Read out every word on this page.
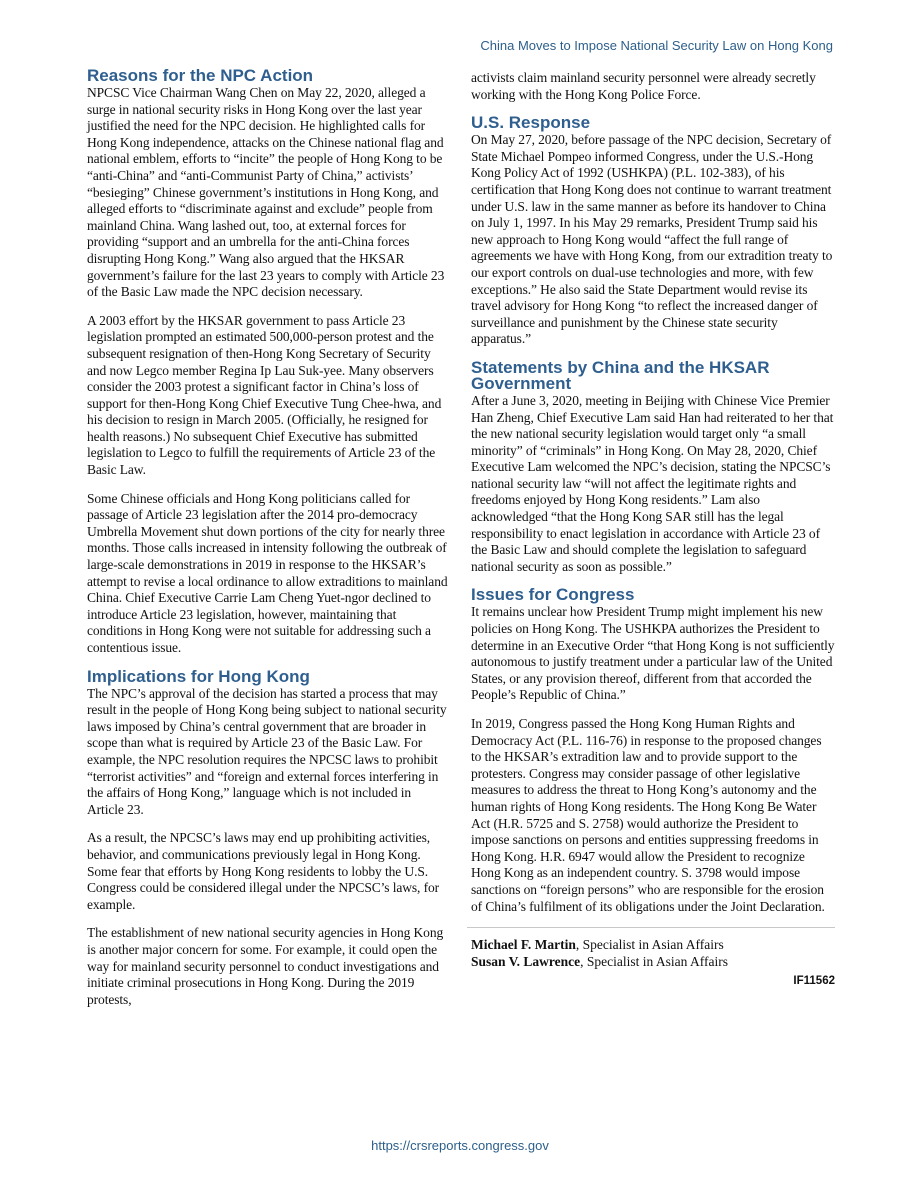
China Moves to Impose National Security Law on Hong Kong
Reasons for the NPC Action

NPCSC Vice Chairman Wang Chen on May 22, 2020, alleged a surge in national security risks in Hong Kong over the last year justified the need for the NPC decision. He highlighted calls for Hong Kong independence, attacks on the Chinese national flag and national emblem, efforts to “incite” the people of Hong Kong to be “anti-China” and “anti-Communist Party of China,” activists’ “besieging” Chinese government’s institutions in Hong Kong, and alleged efforts to “discriminate against and exclude” people from mainland China. Wang lashed out, too, at external forces for providing “support and an umbrella for the anti-China forces disrupting Hong Kong.” Wang also argued that the HKSAR government’s failure for the last 23 years to comply with Article 23 of the Basic Law made the NPC decision necessary.

A 2003 effort by the HKSAR government to pass Article 23 legislation prompted an estimated 500,000-person protest and the subsequent resignation of then-Hong Kong Secretary of Security and now Legco member Regina Ip Lau Suk-yee. Many observers consider the 2003 protest a significant factor in China’s loss of support for then-Hong Kong Chief Executive Tung Chee-hwa, and his decision to resign in March 2005. (Officially, he resigned for health reasons.) No subsequent Chief Executive has submitted legislation to Legco to fulfill the requirements of Article 23 of the Basic Law.

Some Chinese officials and Hong Kong politicians called for passage of Article 23 legislation after the 2014 pro-democracy Umbrella Movement shut down portions of the city for nearly three months. Those calls increased in intensity following the outbreak of large-scale demonstrations in 2019 in response to the HKSAR’s attempt to revise a local ordinance to allow extraditions to mainland China. Chief Executive Carrie Lam Cheng Yuet-ngor declined to introduce Article 23 legislation, however, maintaining that conditions in Hong Kong were not suitable for addressing such a contentious issue.

Implications for Hong Kong

The NPC’s approval of the decision has started a process that may result in the people of Hong Kong being subject to national security laws imposed by China’s central government that are broader in scope than what is required by Article 23 of the Basic Law. For example, the NPC resolution requires the NPCSC laws to prohibit “terrorist activities” and “foreign and external forces interfering in the affairs of Hong Kong,” language which is not included in Article 23.

As a result, the NPCSC’s laws may end up prohibiting activities, behavior, and communications previously legal in Hong Kong. Some fear that efforts by Hong Kong residents to lobby the U.S. Congress could be considered illegal under the NPCSC’s laws, for example.

The establishment of new national security agencies in Hong Kong is another major concern for some. For example, it could open the way for mainland security personnel to conduct investigations and initiate criminal prosecutions in Hong Kong. During the 2019 protests,

activists claim mainland security personnel were already secretly working with the Hong Kong Police Force.

U.S. Response

On May 27, 2020, before passage of the NPC decision, Secretary of State Michael Pompeo informed Congress, under the U.S.-Hong Kong Policy Act of 1992 (USHKPA) (P.L. 102-383), of his certification that Hong Kong does not continue to warrant treatment under U.S. law in the same manner as before its handover to China on July 1, 1997. In his May 29 remarks, President Trump said his new approach to Hong Kong would “affect the full range of agreements we have with Hong Kong, from our extradition treaty to our export controls on dual-use technologies and more, with few exceptions.” He also said the State Department would revise its travel advisory for Hong Kong “to reflect the increased danger of surveillance and punishment by the Chinese state security apparatus.”

Statements by China and the HKSAR Government

After a June 3, 2020, meeting in Beijing with Chinese Vice Premier Han Zheng, Chief Executive Lam said Han had reiterated to her that the new national security legislation would target only “a small minority” of “criminals” in Hong Kong. On May 28, 2020, Chief Executive Lam welcomed the NPC’s decision, stating the NPCSC’s national security law “will not affect the legitimate rights and freedoms enjoyed by Hong Kong residents.” Lam also acknowledged “that the Hong Kong SAR still has the legal responsibility to enact legislation in accordance with Article 23 of the Basic Law and should complete the legislation to safeguard national security as soon as possible.”

Issues for Congress

It remains unclear how President Trump might implement his new policies on Hong Kong. The USHKPA authorizes the President to determine in an Executive Order “that Hong Kong is not sufficiently autonomous to justify treatment under a particular law of the United States, or any provision thereof, different from that accorded the People’s Republic of China.”

In 2019, Congress passed the Hong Kong Human Rights and Democracy Act (P.L. 116-76) in response to the proposed changes to the HKSAR’s extradition law and to provide support to the protesters. Congress may consider passage of other legislative measures to address the threat to Hong Kong’s autonomy and the human rights of Hong Kong residents. The Hong Kong Be Water Act (H.R. 5725 and S. 2758) would authorize the President to impose sanctions on persons and entities suppressing freedoms in Hong Kong. H.R. 6947 would allow the President to recognize Hong Kong as an independent country. S. 3798 would impose sanctions on “foreign persons” who are responsible for the erosion of China’s fulfilment of its obligations under the Joint Declaration.

Michael F. Martin, Specialist in Asian Affairs
Susan V. Lawrence, Specialist in Asian Affairs
IF11562
https://crsreports.congress.gov
